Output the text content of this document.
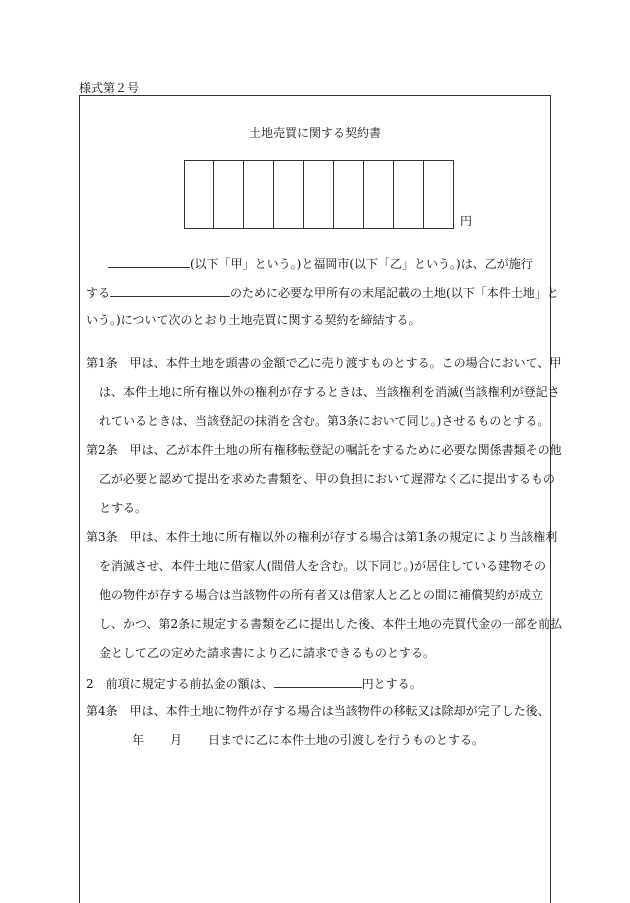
様式第２号
土地売買に関する契約書
円
(以下「甲」という。)と福岡市(以下「乙」という。)は、乙が施行
する	のために必要な甲所有の末尾記載の土地(以下「本件土地」と
いう。)について次のとおり土地売買に関する契約を締結する。
第1条　甲は、本件土地を頭書の金額で乙に売り渡すものとする。この場合において、甲
は、本件土地に所有権以外の権利が存するときは、当該権利を消滅(当該権利が登記さ
れているときは、当該登記の抹消を含む。第3条において同じ。)させるものとする。
第2条　甲は、乙が本件土地の所有権移転登記の嘱託をするために必要な関係書類その他
乙が必要と認めて提出を求めた書類を、甲の負担において遅滞なく乙に提出するもの
とする。
第3条　甲は、本件土地に所有権以外の権利が存する場合は第1条の規定により当該権利
を消滅させ、本件土地に借家人(間借人を含む。以下同じ。)が居住している建物その
他の物件が存する場合は当該物件の所有者又は借家人と乙との間に補償契約が成立
し、かつ、第2条に規定する書類を乙に提出した後、本件土地の売買代金の一部を前払
金として乙の定めた請求書により乙に請求できるものとする。
2　前項に規定する前払金の額は、	円とする。
第4条　甲は、本件土地に物件が存する場合は当該物件の移転又は除却が完了した後、
年 月 日までに乙に本件土地の引渡しを行うものとする。
